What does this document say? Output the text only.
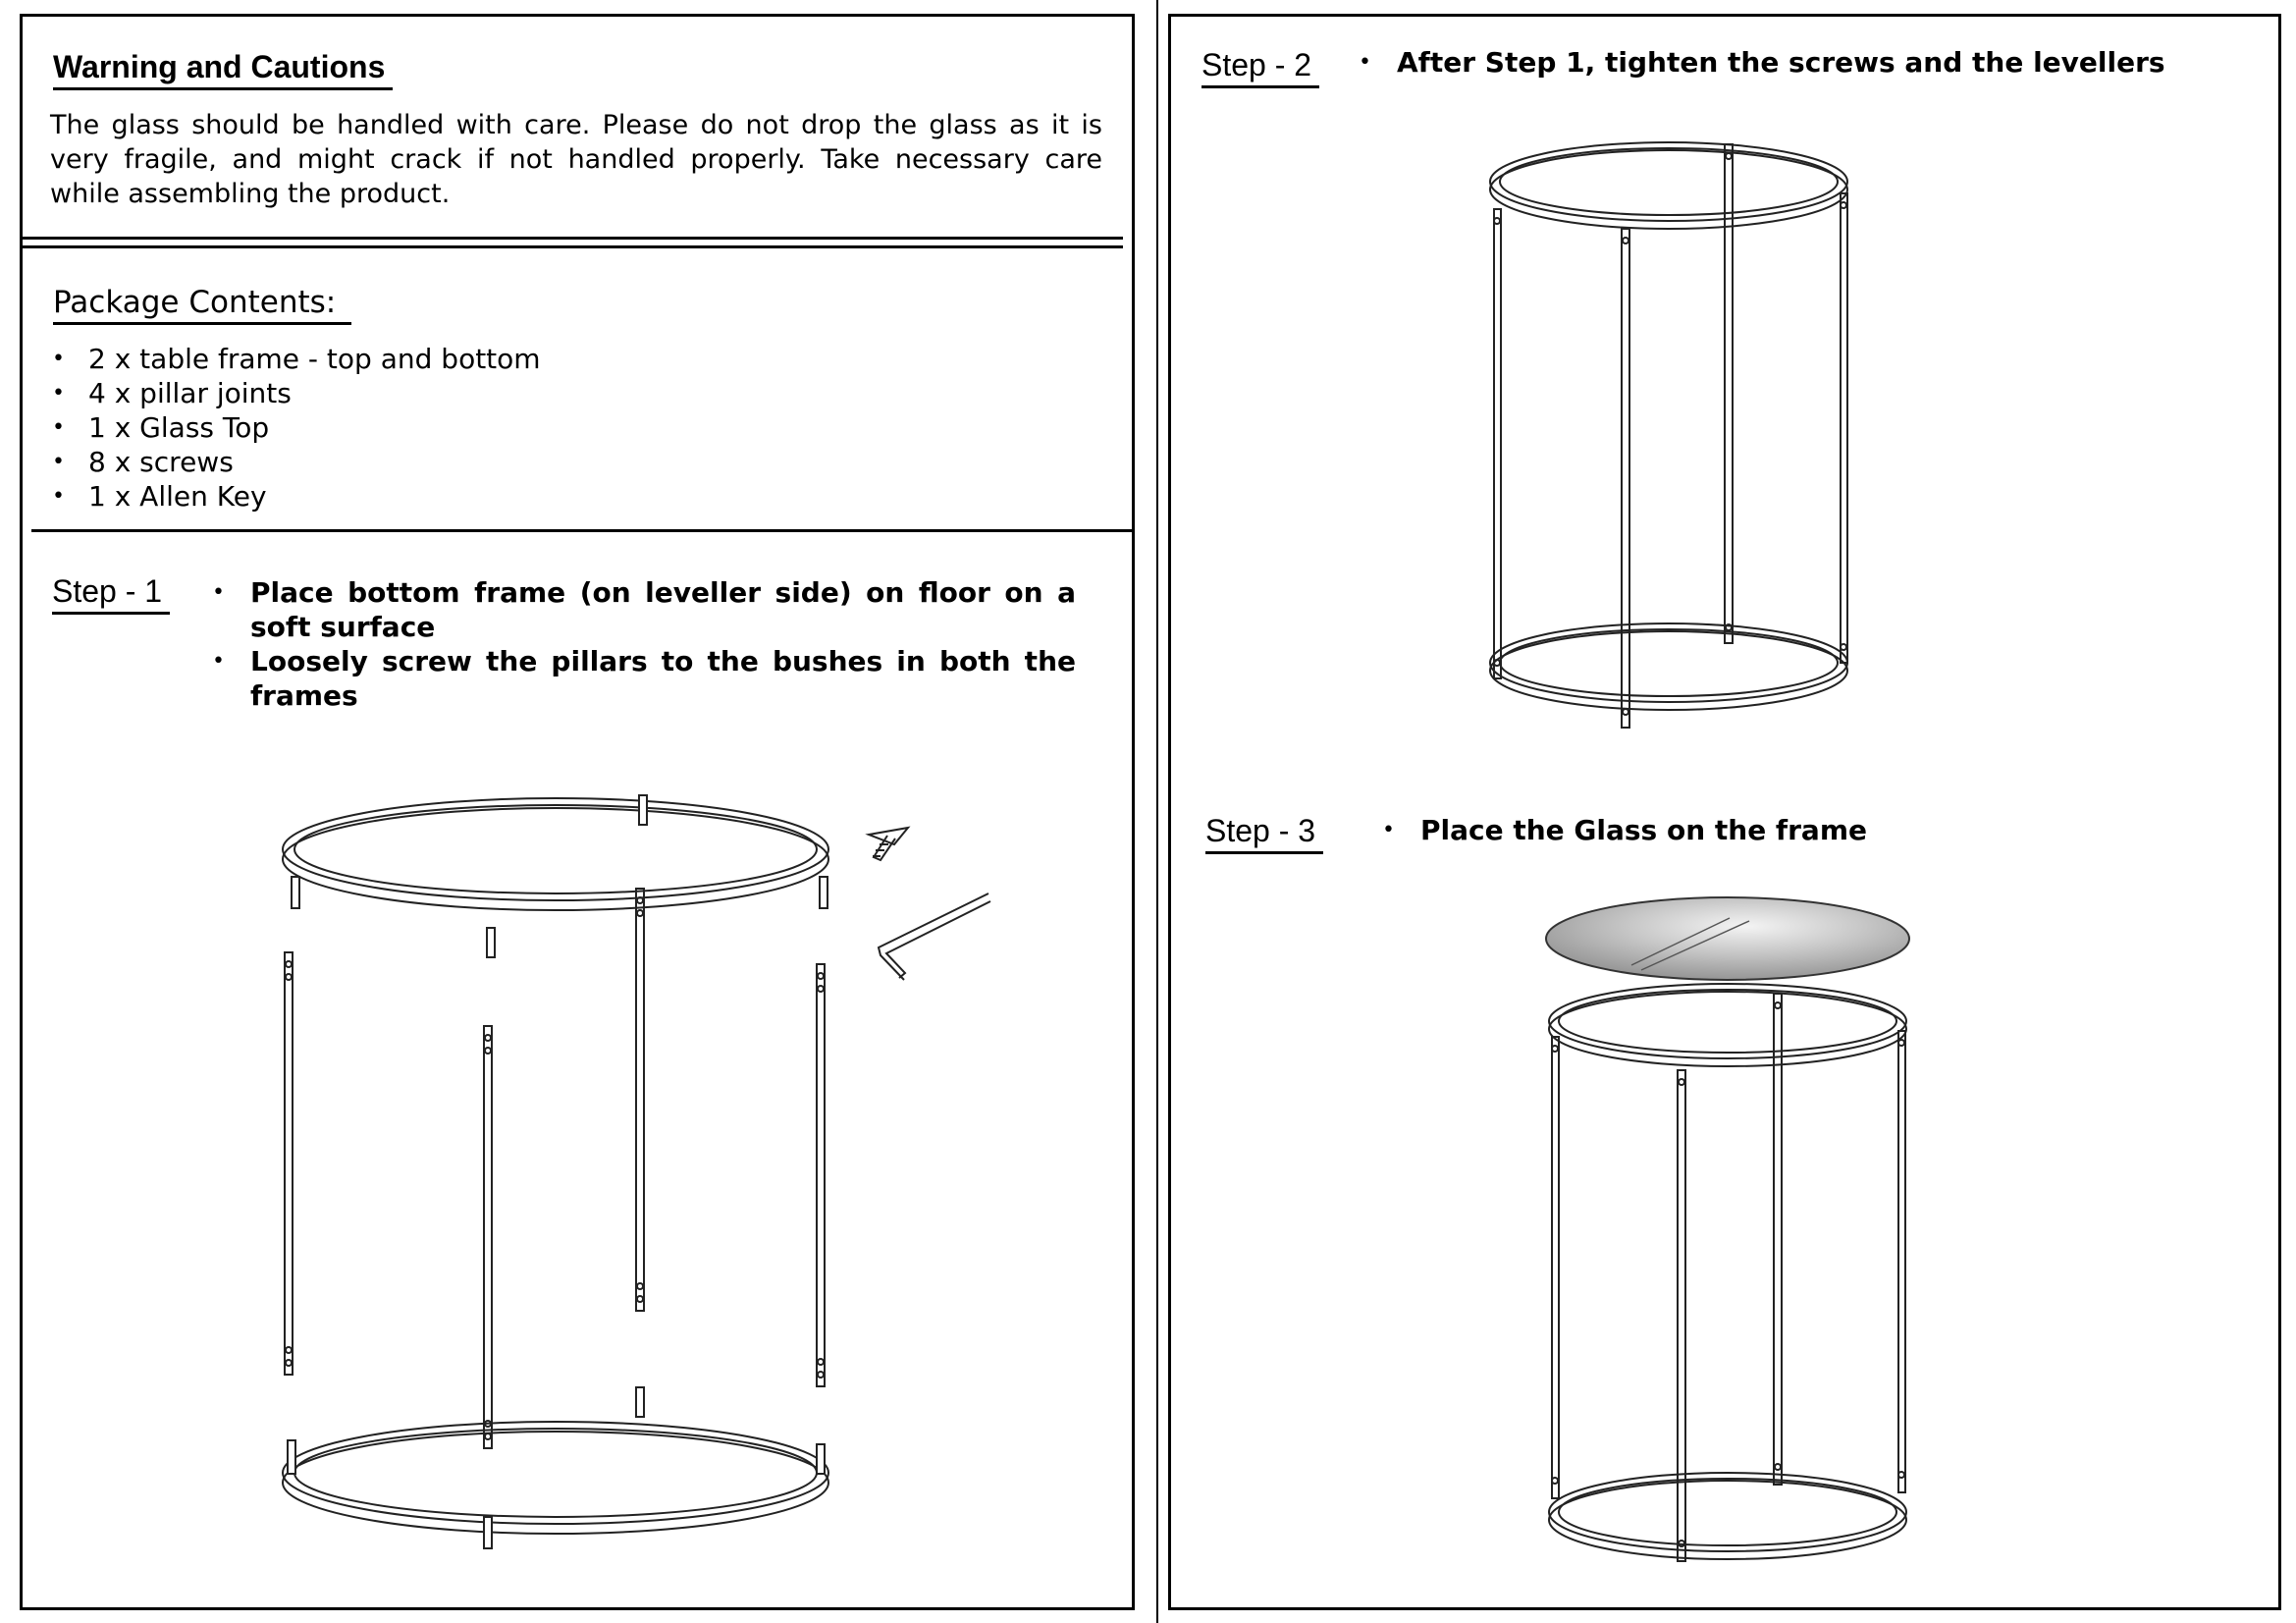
Warning and Cautions
The glass should be handled with care. Please do not drop the glass as it is very fragile, and might crack if not handled properly. Take necessary care while assembling the product.
Package Contents:
• 2 x table frame - top and bottom
• 4 x pillar joints
• 1 x Glass Top
• 8 x screws
• 1 x Allen Key
Step - 1	• Place bottom frame (on leveller side) on floor on a soft surface
• Loosely screw the pillars to the bushes in both the frames
Step - 2	• After Step 1, tighten the screws and the levellers
Step - 3	• Place the Glass on the frame
